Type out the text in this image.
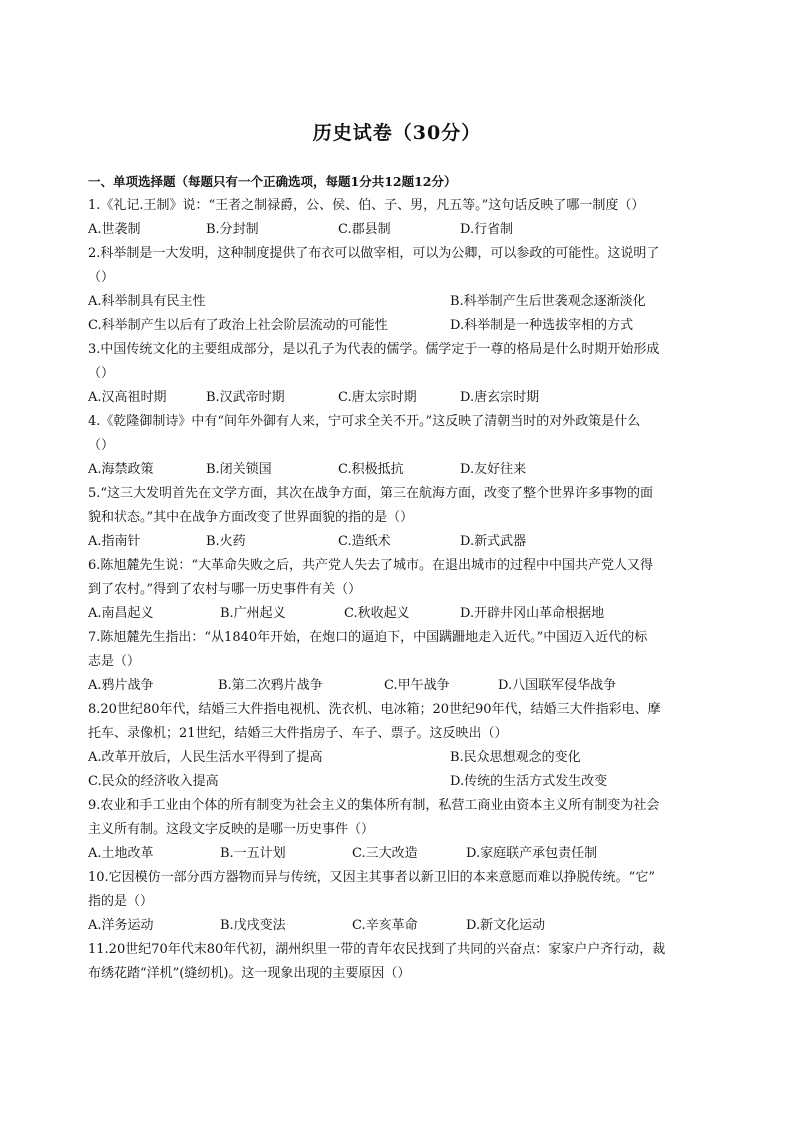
历史试卷（30分）
一、单项选择题（每题只有一个正确选项，每题1分共12题12分）
1.《礼记.王制》说：“王者之制禄爵，公、侯、伯、子、男，凡五等。”这句话反映了哪一制度（）
A.世袭制	B.分封制	C.郡县制	D.行省制
2.科举制是一大发明，这种制度提供了布衣可以做宰相，可以为公卿，可以参政的可能性。这说明了
（）
A.科举制具有民主性	B.科举制产生后世袭观念逐渐淡化
C.科举制产生以后有了政治上社会阶层流动的可能性	D.科举制是一种选拔宰相的方式
3.中国传统文化的主要组成部分，是以孔子为代表的儒学。儒学定于一尊的格局是什么时期开始形成
（）
A.汉高祖时期	B.汉武帝时期	C.唐太宗时期	D.唐玄宗时期
4.《乾隆御制诗》中有“间年外御有人来，宁可求全关不开。”这反映了清朝当时的对外政策是什么
（）
A.海禁政策	B.闭关锁国	C.积极抵抗	D.友好往来
5.“这三大发明首先在文学方面，其次在战争方面，第三在航海方面，改变了整个世界许多事物的面
貌和状态。”其中在战争方面改变了世界面貌的指的是（）
A.指南针	B.火药	C.造纸术	D.新式武器
6.陈旭麓先生说：“大革命失败之后，共产党人失去了城市。在退出城市的过程中中国共产党人又得
到了农村。”得到了农村与哪一历史事件有关（）
A.南昌起义	B.广州起义	C.秋收起义	D.开辟井冈山革命根据地
7.陈旭麓先生指出：“从1840年开始，在炮口的逼迫下，中国蹒跚地走入近代。”中国迈入近代的标
志是（）
A.鸦片战争	B.第二次鸦片战争	C.甲午战争	D.八国联军侵华战争
8.20世纪80年代，结婚三大件指电视机、洗衣机、电冰箱；20世纪90年代，结婚三大件指彩电、摩
托车、录像机；21世纪，结婚三大件指房子、车子、票子。这反映出（）
A.改革开放后，人民生活水平得到了提高	B.民众思想观念的变化
C.民众的经济收入提高	D.传统的生活方式发生改变
9.农业和手工业由个体的所有制变为社会主义的集体所有制，私营工商业由资本主义所有制变为社会
主义所有制。这段文字反映的是哪一历史事件（）
A.土地改革	B.一五计划	C.三大改造	D.家庭联产承包责任制
10.它因模仿一部分西方器物而异与传统，又因主其事者以新卫旧的本来意愿而难以挣脱传统。“它”
指的是（）
A.洋务运动	B.戊戌变法	C.辛亥革命	D.新文化运动
11.20世纪70年代末80年代初，湖州织里一带的青年农民找到了共同的兴奋点：家家户户齐行动，裁
布绣花踏“洋机”(缝纫机)。这一现象出现的主要原因（）
